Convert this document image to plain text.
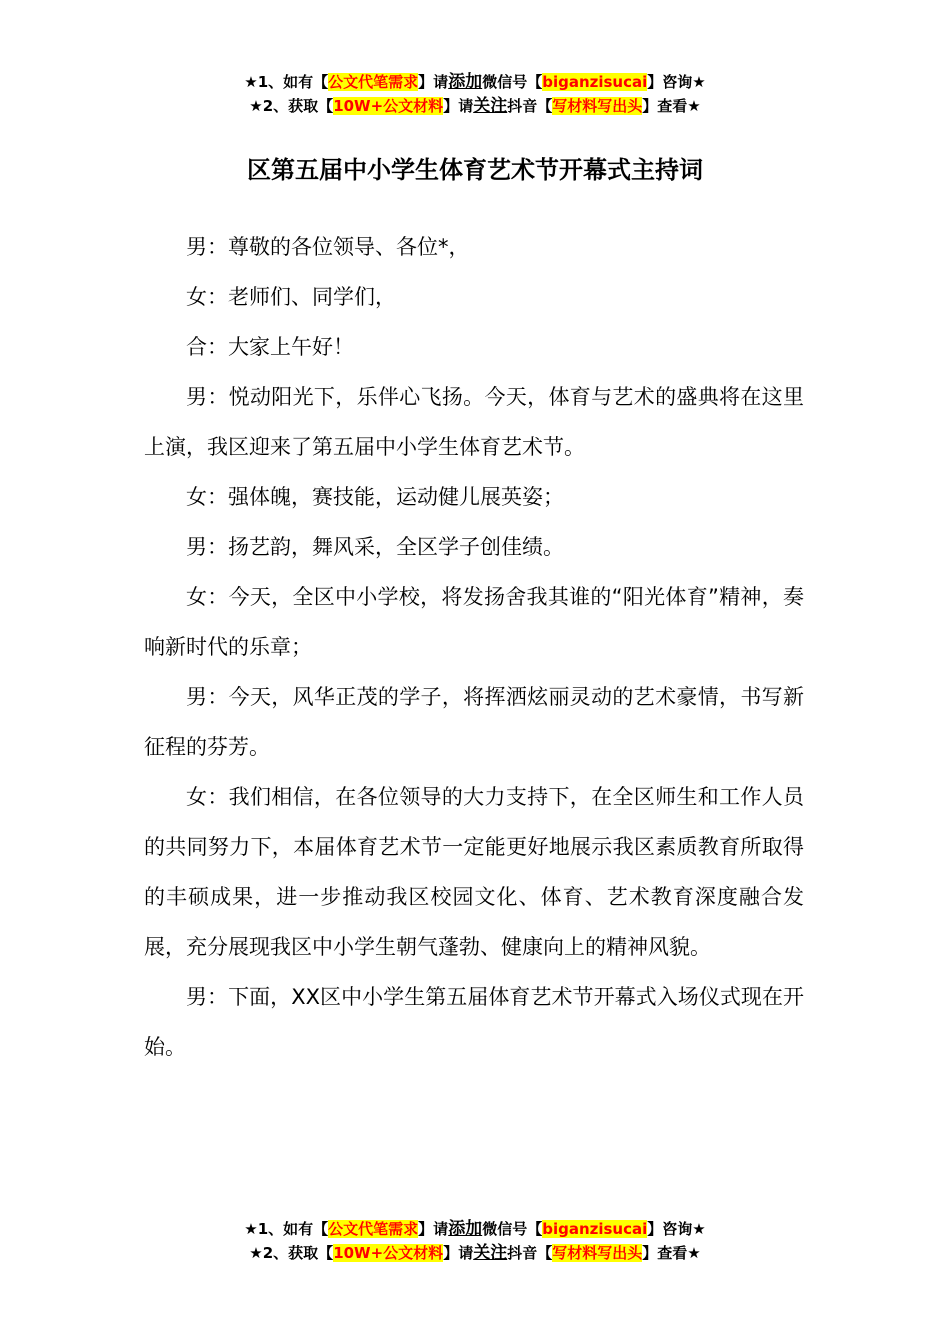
★1、如有【公文代笔需求】请添加微信号【biganzisucai】咨询★
★2、获取【10W+公文材料】请关注抖音【写材料写出头】查看★
区第五届中小学生体育艺术节开幕式主持词

男：尊敬的各位领导、各位*，

女：老师们、同学们，

合：大家上午好！

男：悦动阳光下，乐伴心飞扬。今天，体育与艺术的盛典将在这里上演，我区迎来了第五届中小学生体育艺术节。

女：强体魄，赛技能，运动健儿展英姿；

男：扬艺韵，舞风采，全区学子创佳绩。

女：今天，全区中小学校，将发扬舍我其谁的“阳光体育”精神，奏响新时代的乐章；

男：今天，风华正茂的学子，将挥洒炫丽灵动的艺术豪情，书写新征程的芬芳。

女：我们相信，在各位领导的大力支持下，在全区师生和工作人员的共同努力下，本届体育艺术节一定能更好地展示我区素质教育所取得的丰硕成果，进一步推动我区校园文化、体育、艺术教育深度融合发展，充分展现我区中小学生朝气蓬勃、健康向上的精神风貌。

男：下面，XX区中小学生第五届体育艺术节开幕式入场仪式现在开始。

★1、如有【公文代笔需求】请添加微信号【biganzisucai】咨询★
★2、获取【10W+公文材料】请关注抖音【写材料写出头】查看★
